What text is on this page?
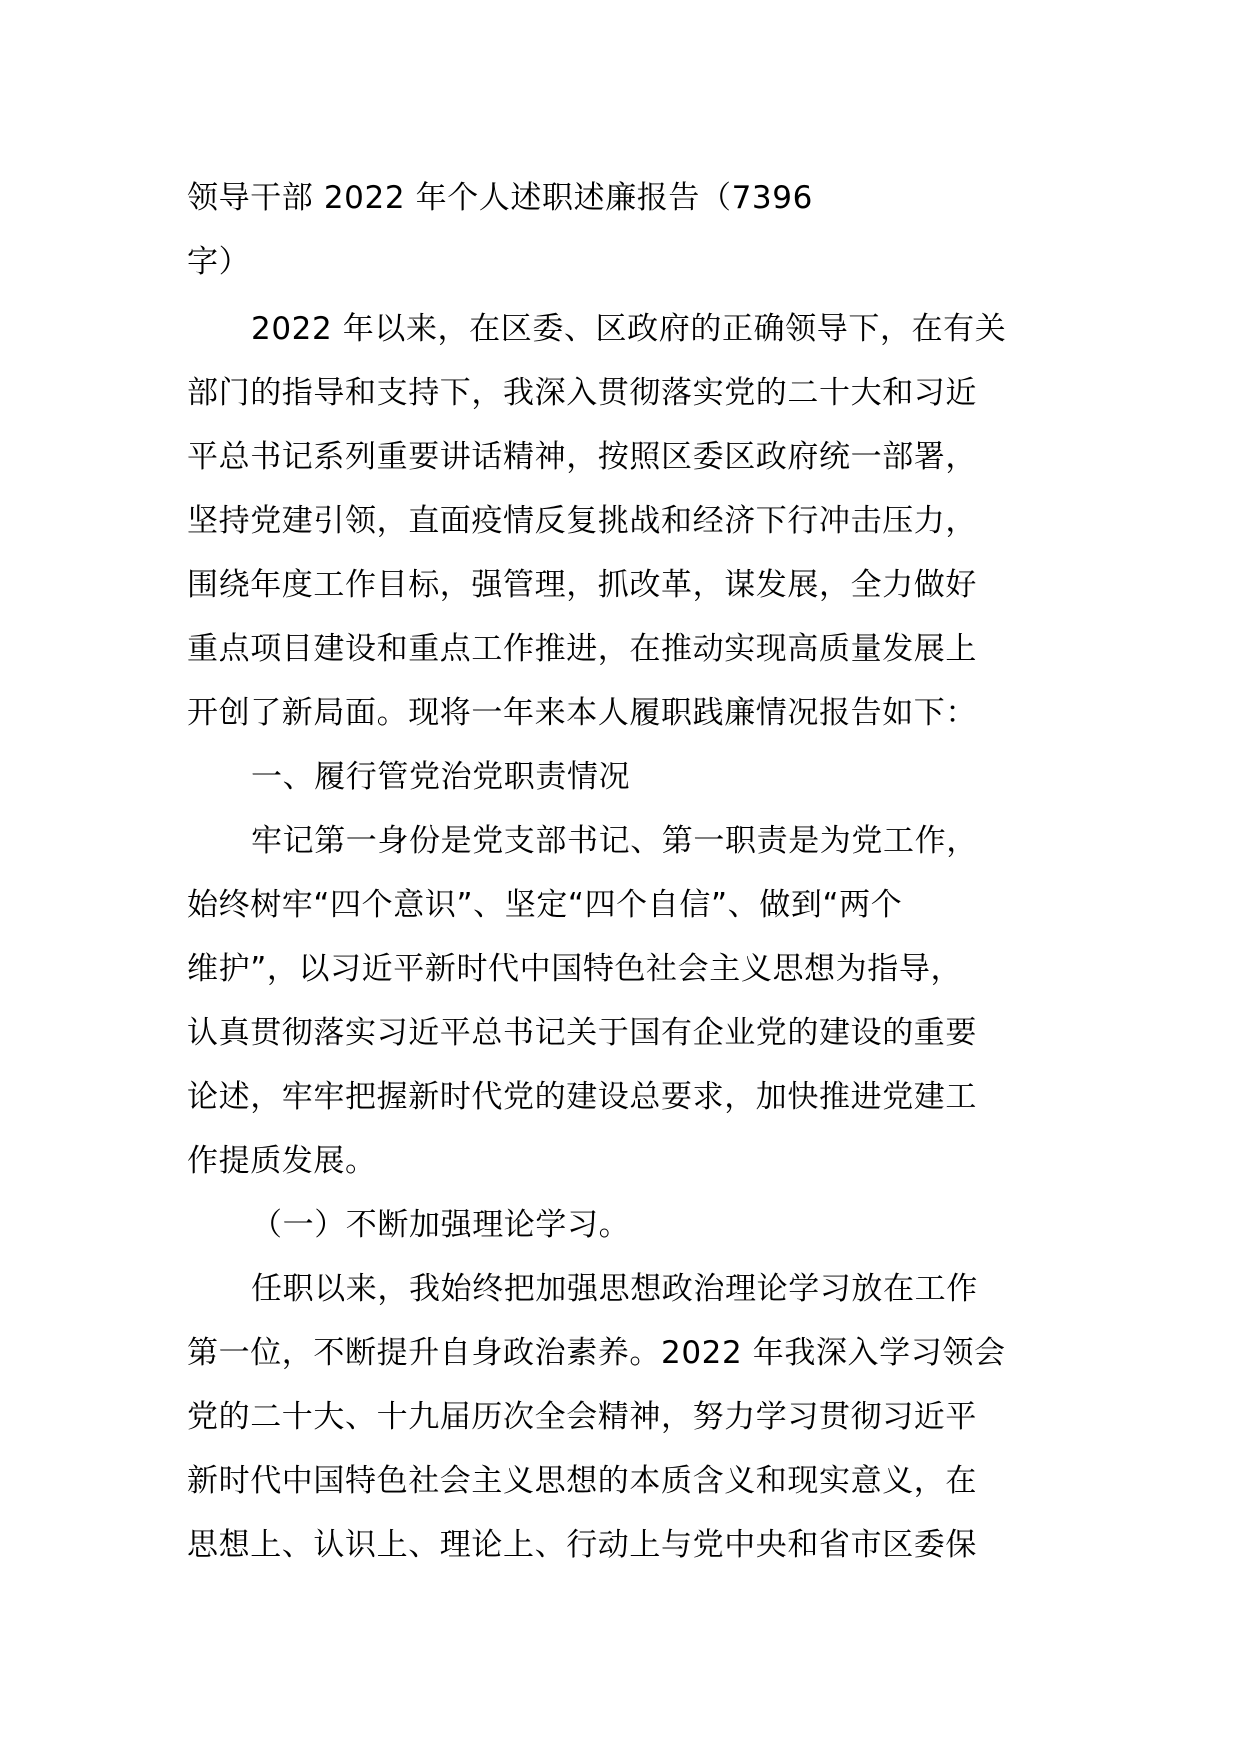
领导干部 2022 年个人述职述廉报告（7396
字）
2022 年以来，在区委、区政府的正确领导下，在有关
部门的指导和支持下，我深入贯彻落实党的二十大和习近
平总书记系列重要讲话精神，按照区委区政府统一部署，
坚持党建引领，直面疫情反复挑战和经济下行冲击压力，
围绕年度工作目标，强管理，抓改革，谋发展，全力做好
重点项目建设和重点工作推进，在推动实现高质量发展上
开创了新局面。现将一年来本人履职践廉情况报告如下：
一、履行管党治党职责情况
牢记第一身份是党支部书记、第一职责是为党工作，
始终树牢“四个意识”、坚定“四个自信”、做到“两个
维护”，以习近平新时代中国特色社会主义思想为指导，
认真贯彻落实习近平总书记关于国有企业党的建设的重要
论述，牢牢把握新时代党的建设总要求，加快推进党建工
作提质发展。
（一）不断加强理论学习。
任职以来，我始终把加强思想政治理论学习放在工作
第一位，不断提升自身政治素养。2022 年我深入学习领会
党的二十大、十九届历次全会精神，努力学习贯彻习近平
新时代中国特色社会主义思想的本质含义和现实意义，在
思想上、认识上、理论上、行动上与党中央和省市区委保
